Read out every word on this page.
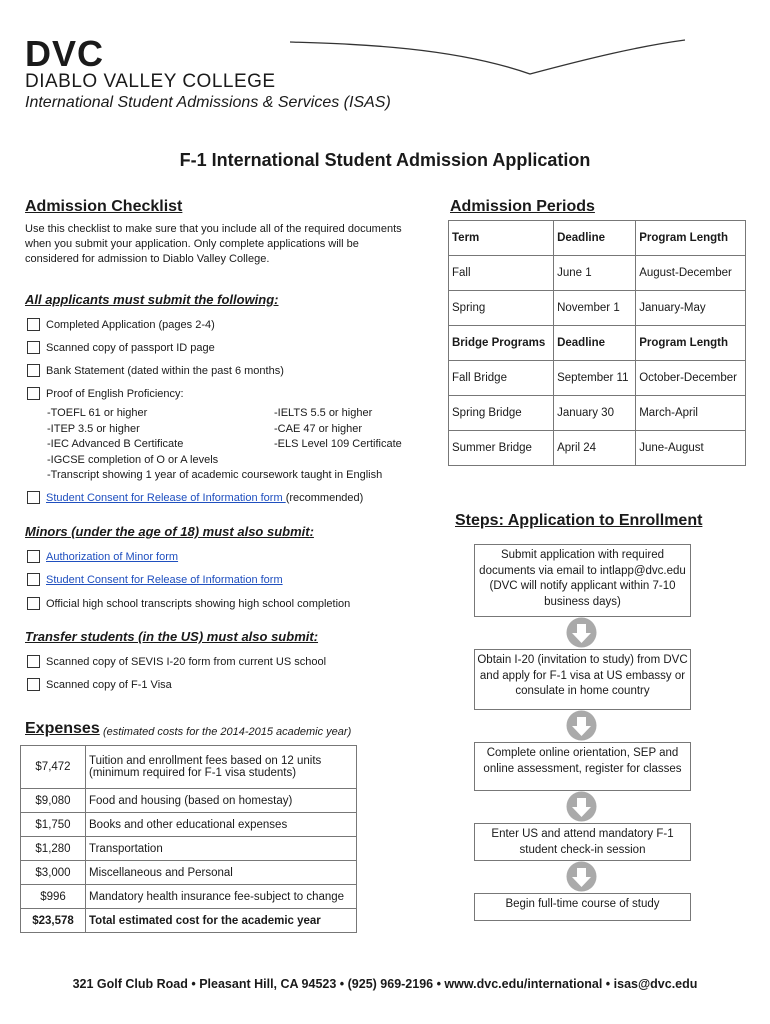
DVC
DIABLO VALLEY COLLEGE
International Student Admissions & Services (ISAS)
F-1 International Student Admission Application
Admission Checklist
Use this checklist to make sure that you include all of the required documents when you submit your application. Only complete applications will be considered for admission to Diablo Valley College.
All applicants must submit the following:
Completed Application (pages 2-4)
Scanned copy of passport ID page
Bank Statement (dated within the past 6 months)
Proof of English Proficiency:
-TOEFL 61 or higher	-IELTS 5.5 or higher
-ITEP 3.5 or higher	-CAE 47 or higher
-IEC Advanced B Certificate	-ELS Level 109 Certificate
-IGCSE completion of O or A levels
-Transcript showing 1 year of academic coursework taught in English
Student Consent for Release of Information form (recommended)
Minors (under the age of 18) must also submit:
Authorization of Minor form
Student Consent for Release of Information form
Official high school transcripts showing high school completion
Transfer students (in the US) must also submit:
Scanned copy of SEVIS I-20 form from current US school
Scanned copy of F-1 Visa
Admission Periods
Term	Deadline	Program Length
Fall	June 1	August-December
Spring	November 1	January-May
Bridge Programs	Deadline	Program Length
Fall Bridge	September 11	October-December
Spring Bridge	January 30	March-April
Summer Bridge	April 24	June-August
Steps: Application to Enrollment
Submit application with required documents via email to intlapp@dvc.edu (DVC will notify applicant within 7-10 business days)
Obtain I-20 (invitation to study) from DVC and apply for F-1 visa at US embassy or consulate in home country
Complete online orientation, SEP and online assessment, register for classes
Enter US and attend mandatory F-1 student check-in session
Begin full-time course of study
Expenses (estimated costs for the 2014-2015 academic year)
$7,472	Tuition and enrollment fees based on 12 units (minimum required for F-1 visa students)
$9,080	Food and housing (based on homestay)
$1,750	Books and other educational expenses
$1,280	Transportation
$3,000	Miscellaneous and Personal
$996	Mandatory health insurance fee-subject to change
$23,578	Total estimated cost for the academic year
321 Golf Club Road • Pleasant Hill, CA 94523 • (925) 969-2196 • www.dvc.edu/international • isas@dvc.edu
